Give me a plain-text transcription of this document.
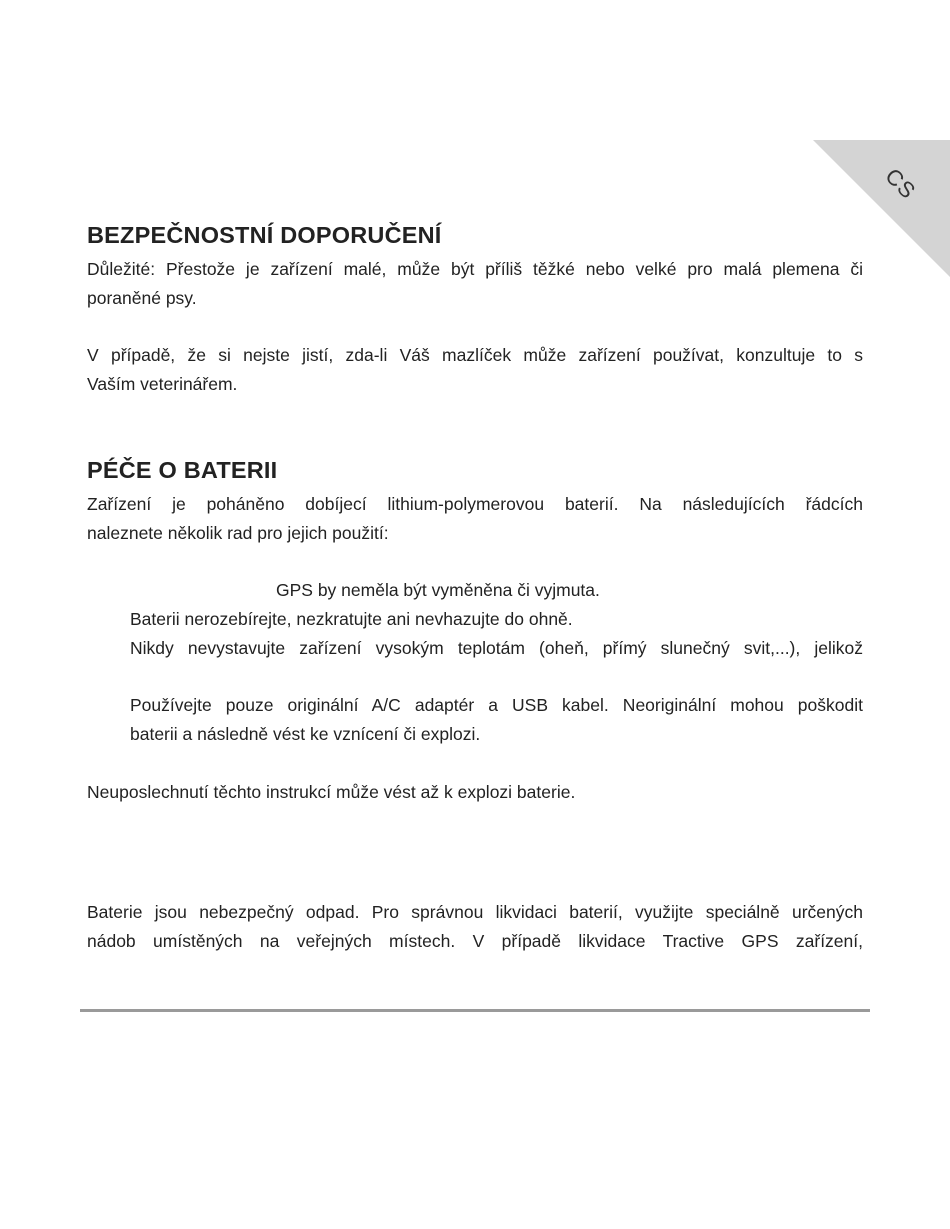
CS
BEZPEČNOSTNÍ DOPORUČENÍ
Důležité: Přestože je zařízení malé, může být příliš těžké nebo velké pro malá plemena či
poraněné psy.
V případě, že si nejste jistí, zda-li Váš mazlíček může zařízení používat, konzultuje to s
Vaším veterinářem.
PÉČE O BATERII
Zařízení je poháněno dobíjecí lithium-polymerovou baterií. Na následujících řádcích
naleznete několik rad pro jejich použití:

GPS by neměla být vyměněna či vyjmuta.

Baterii nerozebírejte, nezkratujte ani nevhazujte do ohně.

Nikdy nevystavujte zařízení vysokým teplotám (oheň, přímý slunečný svit,...), jelikož
Používejte pouze originální A/C adaptér a USB kabel. Neoriginální mohou poškodit
baterii a následně vést ke vznícení či explozi.

Neuposlechnutí těchto instrukcí může vést až k explozi baterie.

Baterie jsou nebezpečný odpad. Pro správnou likvidaci baterií, využijte speciálně určených
nádob umístěných na veřejných místech. V případě likvidace Tractive GPS zařízení,
